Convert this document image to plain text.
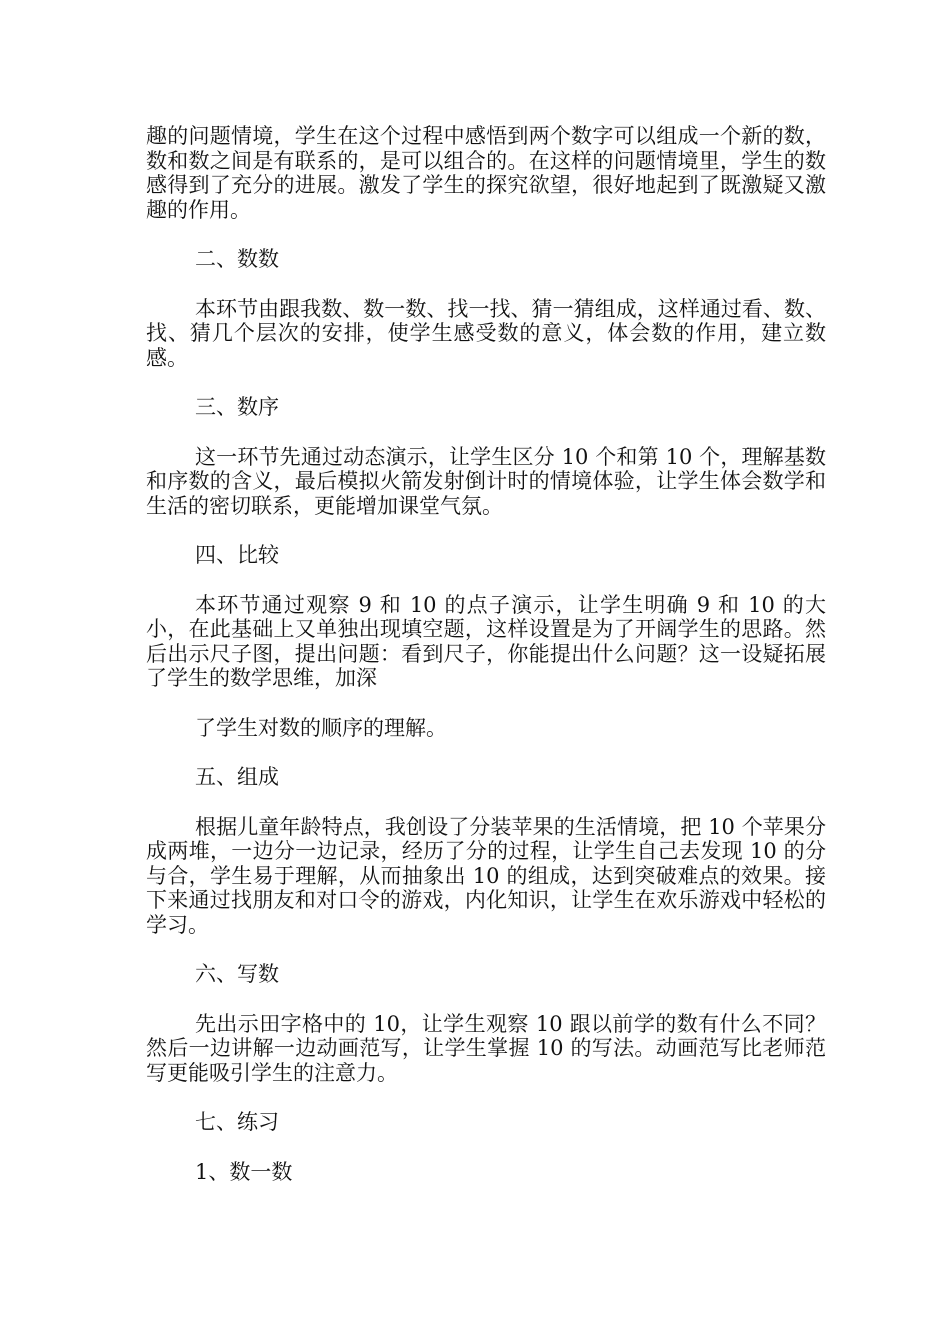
趣的问题情境，学生在这个过程中感悟到两个数字可以组成一个新的数，数和数之间是有联系的，是可以组合的。在这样的问题情境里，学生的数感得到了充分的进展。激发了学生的探究欲望，很好地起到了既激疑又激趣的作用。

二、数数

本环节由跟我数、数一数、找一找、猜一猜组成，这样通过看、数、找、猜几个层次的安排，使学生感受数的意义，体会数的作用，建立数感。

三、数序

这一环节先通过动态演示，让学生区分 10 个和第 10 个，理解基数和序数的含义，最后模拟火箭发射倒计时的情境体验，让学生体会数学和生活的密切联系，更能增加课堂气氛。

四、比较

本环节通过观察 9 和 10 的点子演示，让学生明确 9 和 10 的大小，在此基础上又单独出现填空题，这样设置是为了开阔学生的思路。然后出示尺子图，提出问题：看到尺子，你能提出什么问题？这一设疑拓展了学生的数学思维，加深

了学生对数的顺序的理解。

五、组成

根据儿童年龄特点，我创设了分装苹果的生活情境，把 10 个苹果分成两堆，一边分一边记录，经历了分的过程，让学生自己去发现 10 的分与合，学生易于理解，从而抽象出 10 的组成，达到突破难点的效果。接下来通过找朋友和对口令的游戏，内化知识，让学生在欢乐游戏中轻松的学习。

六、写数

先出示田字格中的 10，让学生观察 10 跟以前学的数有什么不同？然后一边讲解一边动画范写，让学生掌握 10 的写法。动画范写比老师范写更能吸引学生的注意力。

七、练习

1、数一数
